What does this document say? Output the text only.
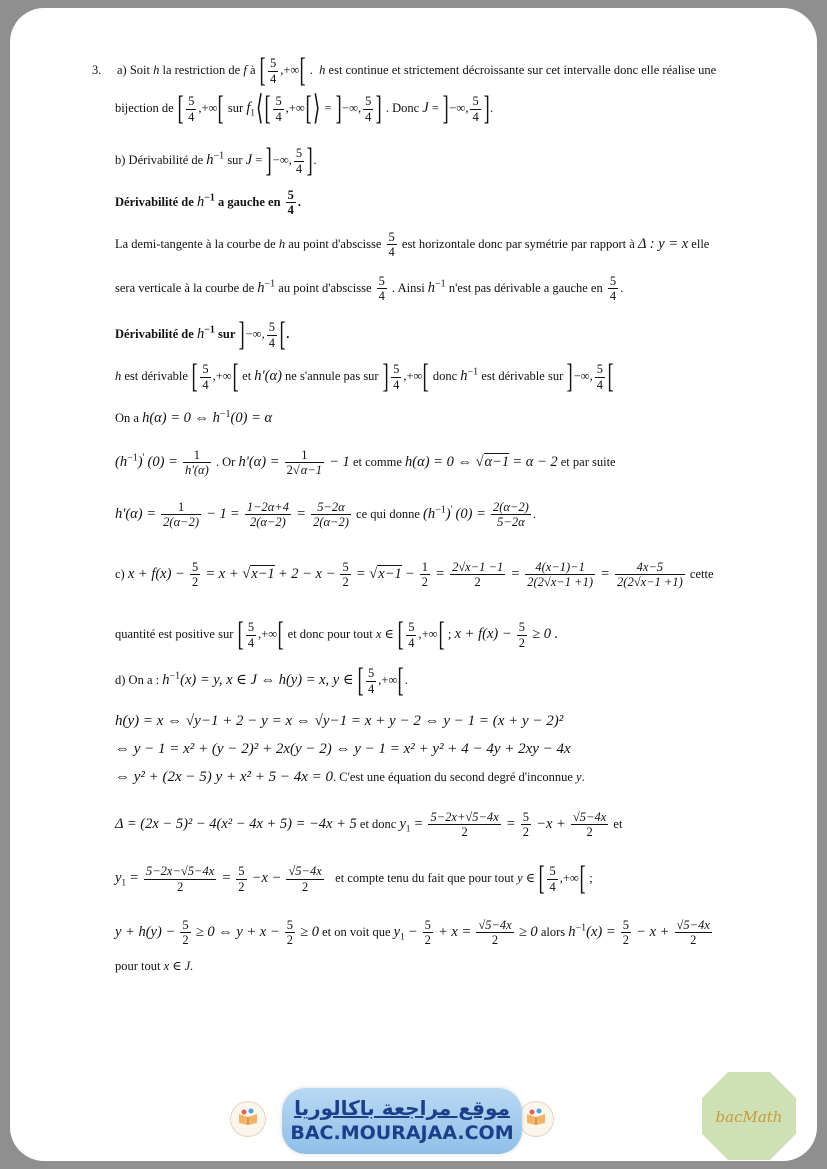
3. a) Soit h la restriction de f à [ $\frac{5}{4}$ ,+∞[ .  h est continue et strictement décroissante sur cet intervalle donc elle réalise une
bijection de [ $\frac{5}{4}$ ,+∞[ sur $f_1⟨[ \frac{5}{4}$ ,+∞[⟩ = ]−∞, $\frac{5}{4}$ ] . Donc J = ]−∞, $\frac{5}{4}$ ].
b) Dérivabilité de $h^{-1}$ sur J = ]−∞, $\frac{5}{4}$ ].
Dérivabilité de $h^{-1}$ a gauche en $\frac{5}{4}$ .
La demi-tangente à la courbe de h au point d'abscisse $\frac{5}{4}$ est horizontale donc par symétrie par rapport à Δ : y = x elle
sera verticale à la courbe de $h^{-1}$ au point d'abscisse $\frac{5}{4}$ . Ainsi $h^{-1}$ n'est pas dérivable a gauche en $\frac{5}{4}$ .
Dérivabilité de $h^{-1}$ sur ]−∞, $\frac{5}{4}$ [.
h est dérivable [ $\frac{5}{4}$ ,+∞[ et h'(α) ne s'annule pas sur ] $\frac{5}{4}$ ,+∞[ donc $h^{-1}$ est dérivable sur ]−∞, $\frac{5}{4}$ [
On a h(α) = 0 ⇔ $h^{-1}(0) = \alpha$
$(h^{-1})'$ $(0) = \frac{1}{h'(\alpha)}$ . Or $h'(\alpha) = \frac{1}{2√\alpha-1} - 1$ et comme h(α) = 0 ⇔ √α−1 = α − 2 et par suite
$h'(\alpha) = \frac{1}{2(\alpha-2)} - 1 = \frac{1-2\alpha+4}{2(\alpha-2)} = \frac{5-2\alpha}{2(\alpha-2)}$ ce qui donne $(h^{-1})'$ $(0) = \frac{2(\alpha-2)}{5-2\alpha}$ .
c) $x + f(x) - \frac{5}{2} = x + √x-1 + 2 - x - \frac{5}{2} = √x-1 - \frac{1}{2} = \frac{2√x-1 -1}{2} = \frac{4(x-1)-1}{2(2√x-1 +1)} = \frac{4x-5}{2(2√x-1 +1)}$ cette
quantité est positive sur [ $\frac{5}{4}$ ,+∞[ et donc pour tout x ∈ [ $\frac{5}{4}$ ,+∞[ ; $x + f(x) - \frac{5}{2} \ge 0$ .
d) On a : $h^{-1}(x) = y$, x ∈ J ⇔ h(y) = x, y ∈ [ $\frac{5}{4}$ ,+∞[.
h(y) = x ⇔ √y−1 + 2 − y = x ⇔ √y−1 = x + y − 2 ⇔ y − 1 = (x + y − 2)²
⇔ y − 1 = x² + (y − 2)² + 2x(y − 2) ⇔ y − 1 = x² + y² + 4 − 4y + 2xy − 4x
⇔ y² + (2x − 5) y + x² + 5 − 4x = 0. C'est une équation du second degré d'inconnue y.
Δ = (2x − 5)² − 4(x² − 4x + 5) = −4x + 5 et donc $y_1 = \frac{5-2x+√5-4x}{2} = \frac{5}{2} -x + \frac{√5-4x}{2}$ et
$y_1 = \frac{5-2x-√5-4x}{2} = \frac{5}{2} -x - \frac{√5-4x}{2}$ et compte tenu du fait que pour tout y ∈ [ $\frac{5}{4}$ ,+∞[ ;
$y + h(y) - \frac{5}{2} \ge 0$ ⇔ $y + x - \frac{5}{2} \ge 0$ et on voit que $y_1 - \frac{5}{2} + x = \frac{√5-4x}{2} \ge 0$ alors $h^{-1}(x) = \frac{5}{2} - x + \frac{√5-4x}{2}$
pour tout x ∈ J.
موقع مراجعة باكالوريا
BAC.MOURAJAA.COM
bacMath
